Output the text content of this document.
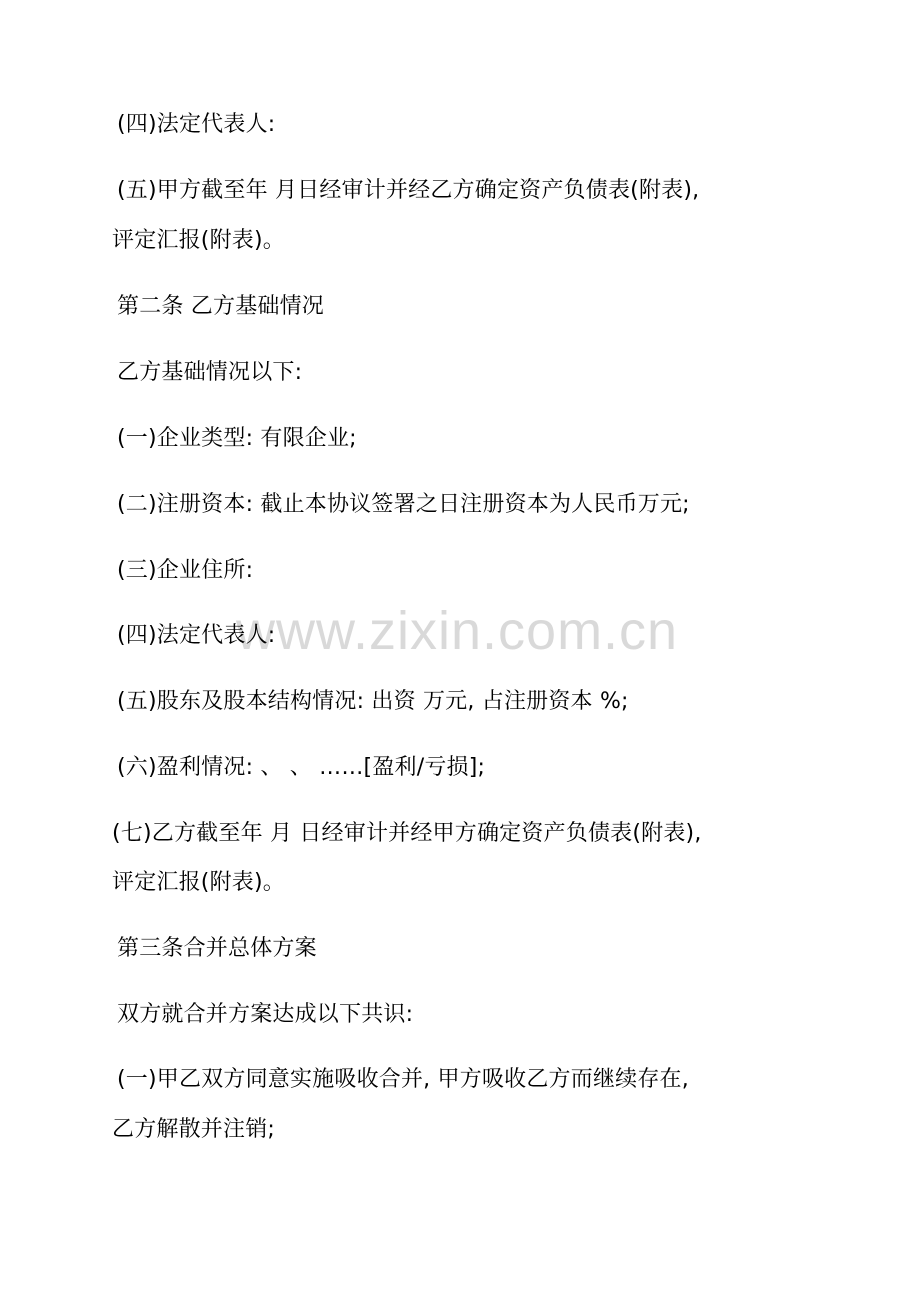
www.zixin.com.cn
(四)法定代表人:
(五)甲方截至年 月日经审计并经乙方确定资产负债表(附表),
评定汇报(附表)。
第二条 乙方基础情况
乙方基础情况以下:
(一)企业类型: 有限企业;
(二)注册资本: 截止本协议签署之日注册资本为人民币万元;
(三)企业住所:
(四)法定代表人:
(五)股东及股本结构情况: 出资 万元, 占注册资本 %;
(六)盈利情况: 、 、 ……[盈利/亏损];
(七)乙方截至年 月 日经审计并经甲方确定资产负债表(附表),
评定汇报(附表)。
第三条合并总体方案
双方就合并方案达成以下共识:
(一)甲乙双方同意实施吸收合并, 甲方吸收乙方而继续存在,
乙方解散并注销;
